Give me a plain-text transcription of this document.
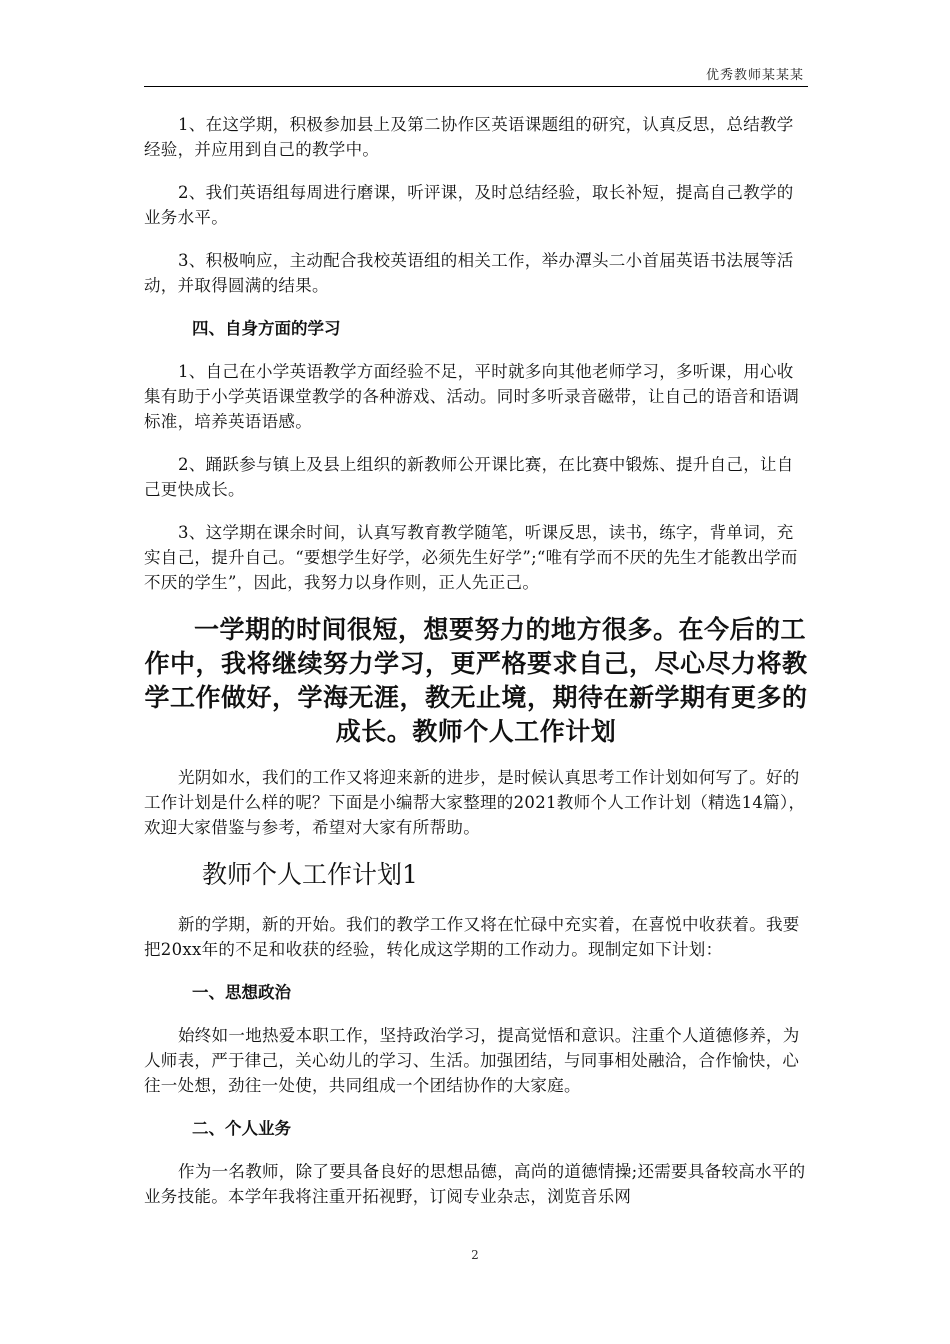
优秀教师某某某

1、在这学期，积极参加县上及第二协作区英语课题组的研究，认真反思，总结教学经验，并应用到自己的教学中。

2、我们英语组每周进行磨课，听评课，及时总结经验，取长补短，提高自己教学的业务水平。

3、积极响应，主动配合我校英语组的相关工作，举办潭头二小首届英语书法展等活动，并取得圆满的结果。

四、自身方面的学习

1、自己在小学英语教学方面经验不足，平时就多向其他老师学习，多听课，用心收集有助于小学英语课堂教学的各种游戏、活动。同时多听录音磁带，让自己的语音和语调标准，培养英语语感。

2、踊跃参与镇上及县上组织的新教师公开课比赛，在比赛中锻炼、提升自己，让自己更快成长。

3、这学期在课余时间，认真写教育教学随笔，听课反思，读书，练字，背单词，充实自己，提升自己。“要想学生好学，必须先生好学”;“唯有学而不厌的先生才能教出学而不厌的学生”，因此，我努力以身作则，正人先正己。

一学期的时间很短，想要努力的地方很多。在今后的工作中，我将继续努力学习，更严格要求自己，尽心尽力将教学工作做好，学海无涯，教无止境，期待在新学期有更多的成长。教师个人工作计划

光阴如水，我们的工作又将迎来新的进步，是时候认真思考工作计划如何写了。好的工作计划是什么样的呢？下面是小编帮大家整理的2021教师个人工作计划（精选14篇），欢迎大家借鉴与参考，希望对大家有所帮助。

教师个人工作计划1

新的学期，新的开始。我们的教学工作又将在忙碌中充实着，在喜悦中收获着。我要把20xx年的不足和收获的经验，转化成这学期的工作动力。现制定如下计划：

一、思想政治

始终如一地热爱本职工作，坚持政治学习，提高觉悟和意识。注重个人道德修养，为人师表，严于律己，关心幼儿的学习、生活。加强团结，与同事相处融洽，合作愉快，心往一处想，劲往一处使，共同组成一个团结协作的大家庭。

二、个人业务

作为一名教师，除了要具备良好的思想品德，高尚的道德情操;还需要具备较高水平的业务技能。本学年我将注重开拓视野，订阅专业杂志，浏览音乐网

2
